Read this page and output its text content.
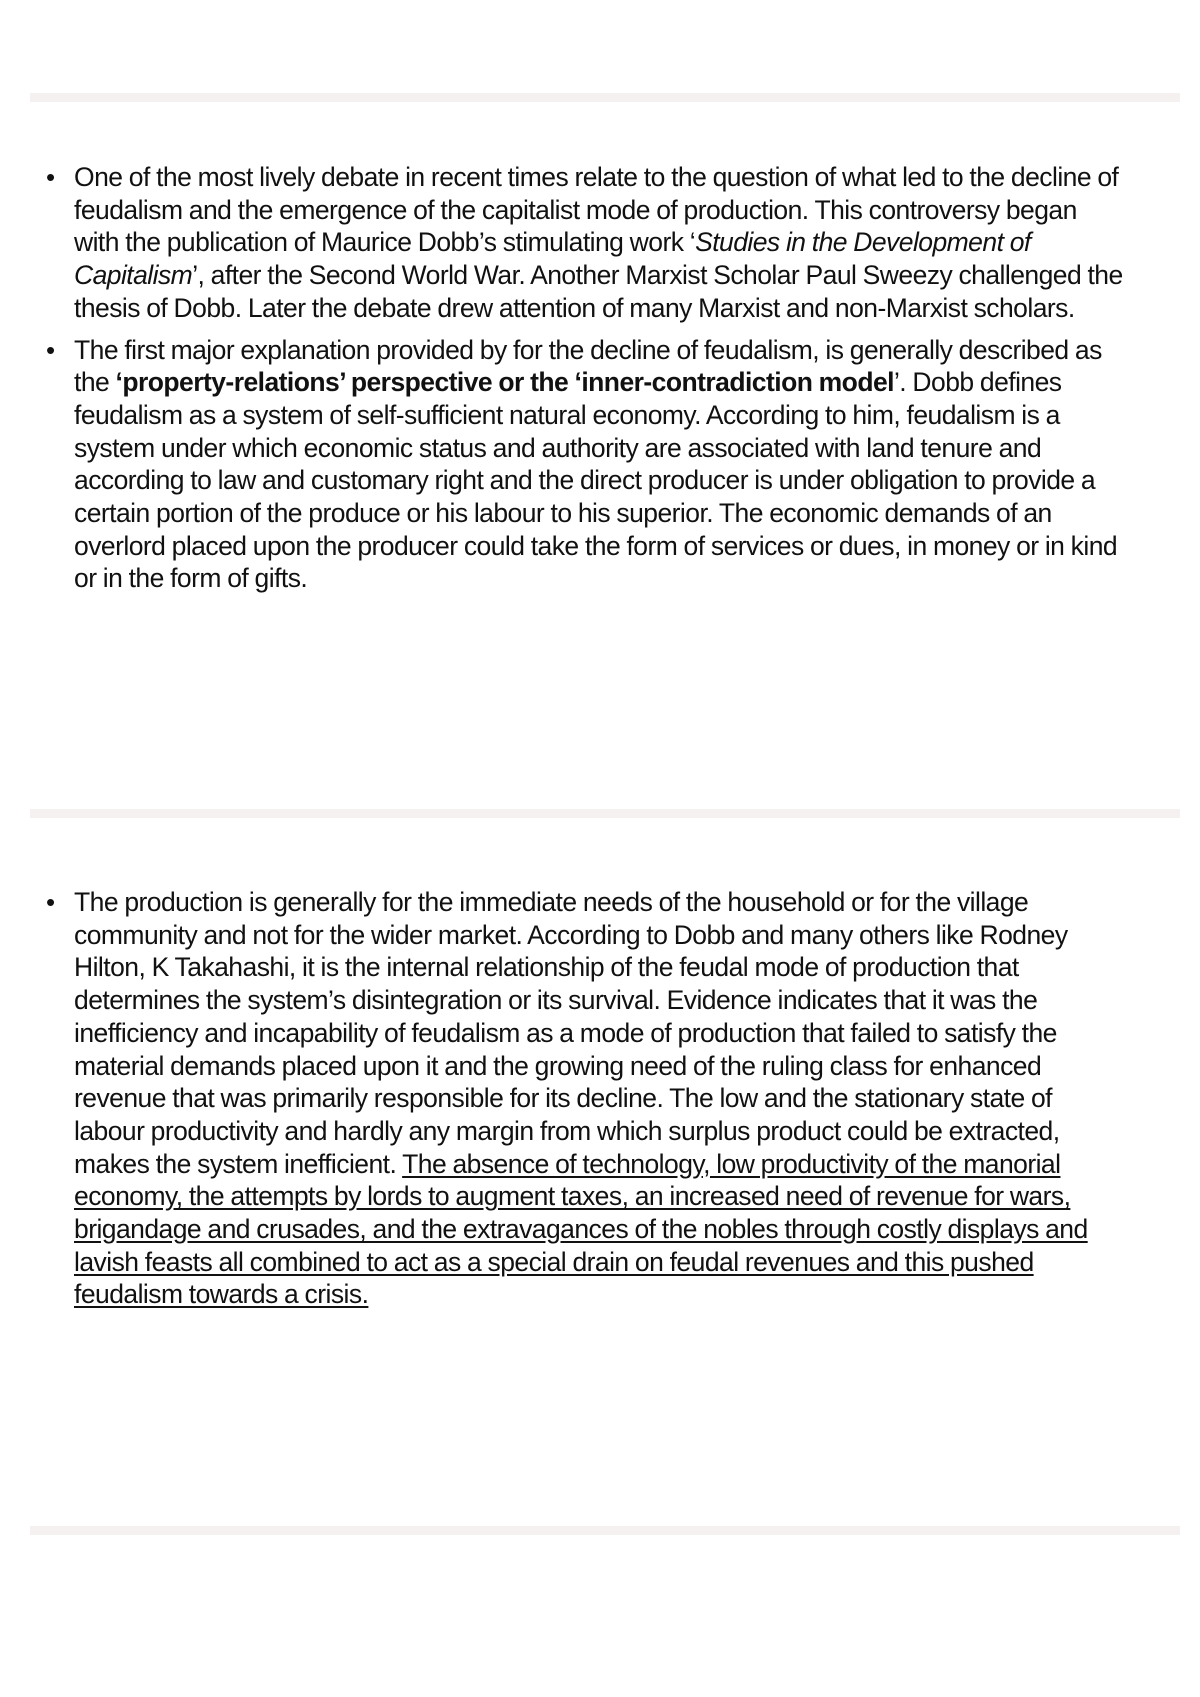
• One of the most lively debate in recent times relate to the question of what led to the decline of feudalism and the emergence of the capitalist mode of production. This controversy began with the publication of Maurice Dobb’s stimulating work ‘Studies in the Development of Capitalism’, after the Second World War. Another Marxist Scholar Paul Sweezy challenged the thesis of Dobb. Later the debate drew attention of many Marxist and non-Marxist scholars.
• The first major explanation provided by for the decline of feudalism, is generally described as the ‘property-relations’ perspective or the ‘inner-contradiction model’. Dobb defines feudalism as a system of self-sufficient natural economy. According to him, feudalism is a system under which economic status and authority are associated with land tenure and according to law and customary right and the direct producer is under obligation to provide a certain portion of the produce or his labour to his superior. The economic demands of an overlord placed upon the producer could take the form of services or dues, in money or in kind or in the form of gifts.
• The production is generally for the immediate needs of the household or for the village community and not for the wider market. According to Dobb and many others like Rodney Hilton, K Takahashi, it is the internal relationship of the feudal mode of production that determines the system’s disintegration or its survival. Evidence indicates that it was the inefficiency and incapability of feudalism as a mode of production that failed to satisfy the material demands placed upon it and the growing need of the ruling class for enhanced revenue that was primarily responsible for its decline. The low and the stationary state of labour productivity and hardly any margin from which surplus product could be extracted, makes the system inefficient. The absence of technology, low productivity of the manorial economy, the attempts by lords to augment taxes, an increased need of revenue for wars, brigandage and crusades, and the extravagances of the nobles through costly displays and lavish feasts all combined to act as a special drain on feudal revenues and this pushed feudalism towards a crisis.
